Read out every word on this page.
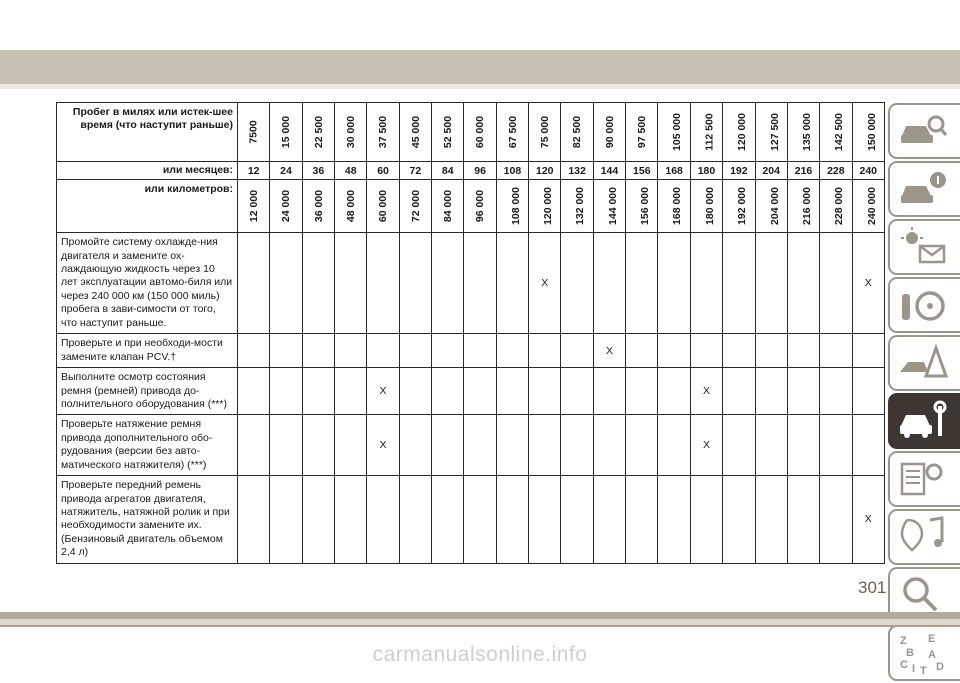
Пробег в милях или истек-шее время (что наступит раньше)	7500	15 000	22 500	30 000	37 500	45 000	52 500	60 000	67 500	75 000	82 500	90 000	97 500	105 000	112 500	120 000	127 500	135 000	142 500	150 000
или месяцев:	12	24	36	48	60	72	84	96	108	120	132	144	156	168	180	192	204	216	228	240
или километров:	12 000	24 000	36 000	48 000	60 000	72 000	84 000	96 000	108 000	120 000	132 000	144 000	156 000	168 000	180 000	192 000	204 000	216 000	228 000	240 000
Промойте систему охлажде-ния двигателя и замените ох-лаждающую жидкость через 10 лет эксплуатации автомо-биля или через 240 000 км (150 000 миль) пробега в зави-симости от того, что наступит раньше.										X										X
Проверьте и при необходи-мости замените клапан PCV.†												X								
Выполните осмотр состояния ремня (ремней) привода до-полнительного оборудования (***)					X										X					
Проверьте натяжение ремня привода дополнительного обо-рудования (версии без авто-матического натяжителя) (***)					X										X					
Проверьте передний ремень привода агрегатов двигателя, натяжитель, натяжной ролик и при необходимости замените их. (Бензиновый двигатель объемом 2,4 л)																				X
Z E
B A
C	D
I T
301
carmanualsonline.info
